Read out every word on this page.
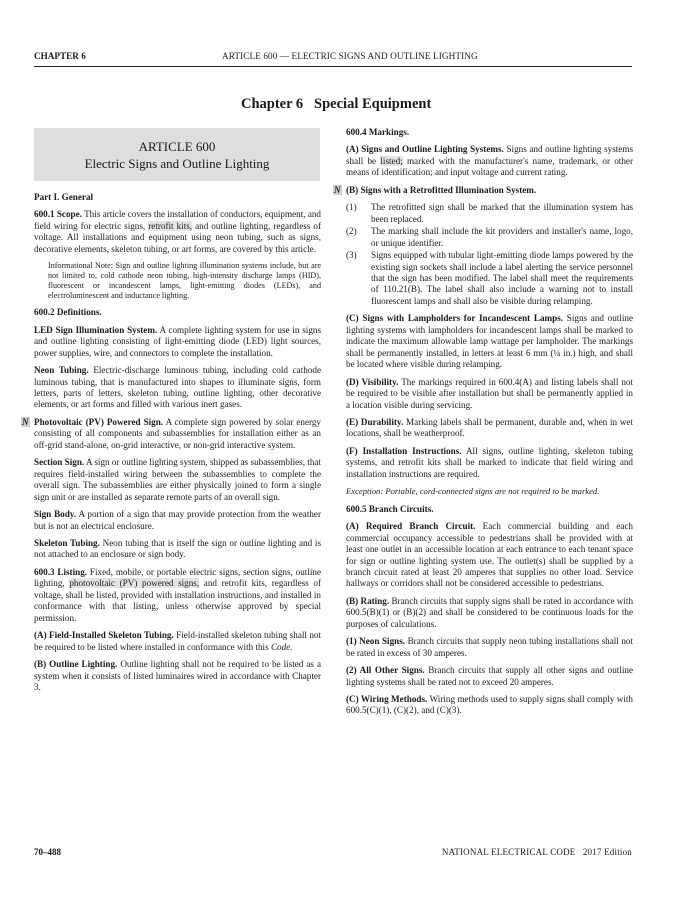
CHAPTER 6	ARTICLE 600 — ELECTRIC SIGNS AND OUTLINE LIGHTING
Chapter 6   Special Equipment
ARTICLE 600
Electric Signs and Outline Lighting

Part I. General

600.1 Scope. This article covers the installation of conductors, equipment, and field wiring for electric signs, retrofit kits, and outline lighting, regardless of voltage. All installations and equipment using neon tubing, such as signs, decorative elements, skeleton tubing, or art forms, are covered by this article.

Informational Note: Sign and outline lighting illumination systems include, but are not limited to, cold cathode neon tubing, high-intensity discharge lamps (HID), fluorescent or incandescent lamps, light-emitting diodes (LEDs), and electroluminescent and inductance lighting.

600.2 Definitions.

LED Sign Illumination System. A complete lighting system for use in signs and outline lighting consisting of light-emitting diode (LED) light sources, power supplies, wire, and connectors to complete the installation.

Neon Tubing. Electric-discharge luminous tubing, including cold cathode luminous tubing, that is manufactured into shapes to illuminate signs, form letters, parts of letters, skeleton tubing, outline lighting, other decorative elements, or art forms and filled with various inert gases.

N Photovoltaic (PV) Powered Sign. A complete sign powered by solar energy consisting of all components and subassemblies for installation either as an off-grid stand-alone, on-grid interactive, or non-grid interactive system.

Section Sign. A sign or outline lighting system, shipped as subassemblies, that requires field-installed wiring between the subassemblies to complete the overall sign. The subassemblies are either physically joined to form a single sign unit or are installed as separate remote parts of an overall sign.

Sign Body. A portion of a sign that may provide protection from the weather but is not an electrical enclosure.

Skeleton Tubing. Neon tubing that is itself the sign or outline lighting and is not attached to an enclosure or sign body.

600.3 Listing. Fixed, mobile, or portable electric signs, section signs, outline lighting, photovoltaic (PV) powered signs, and retrofit kits, regardless of voltage, shall be listed, provided with installation instructions, and installed in conformance with that listing, unless otherwise approved by special permission.

(A) Field-Installed Skeleton Tubing. Field-installed skeleton tubing shall not be required to be listed where installed in conformance with this Code.

(B) Outline Lighting. Outline lighting shall not be required to be listed as a system when it consists of listed luminaires wired in accordance with Chapter 3.

600.4 Markings.

(A) Signs and Outline Lighting Systems. Signs and outline lighting systems shall be listed; marked with the manufacturer's name, trademark, or other means of identification; and input voltage and current rating.

N (B) Signs with a Retrofitted Illumination System.

(1)	The retrofitted sign shall be marked that the illumination system has been replaced.
(2)	The marking shall include the kit providers and installer's name, logo, or unique identifier.
(3)	Signs equipped with tubular light-emitting diode lamps powered by the existing sign sockets shall include a label alerting the service personnel that the sign has been modified. The label shall meet the requirements of 110.21(B). The label shall also include a warning not to install fluorescent lamps and shall also be visible during relamping.

(C) Signs with Lampholders for Incandescent Lamps. Signs and outline lighting systems with lampholders for incandescent lamps shall be marked to indicate the maximum allowable lamp wattage per lampholder. The markings shall be permanently installed, in letters at least 6 mm (¼ in.) high, and shall be located where visible during relamping.

(D) Visibility. The markings required in 600.4(A) and listing labels shall not be required to be visible after installation but shall be permanently applied in a location visible during servicing.

(E) Durability. Marking labels shall be permanent, durable and, when in wet locations, shall be weatherproof.

(F) Installation Instructions. All signs, outline lighting, skeleton tubing systems, and retrofit kits shall be marked to indicate that field wiring and installation instructions are required.

Exception: Portable, cord-connected signs are not required to be marked.

600.5 Branch Circuits.

(A) Required Branch Circuit. Each commercial building and each commercial occupancy accessible to pedestrians shall be provided with at least one outlet in an accessible location at each entrance to each tenant space for sign or outline lighting system use. The outlet(s) shall be supplied by a branch circuit rated at least 20 amperes that supplies no other load. Service hallways or corridors shall not be considered accessible to pedestrians.

(B) Rating. Branch circuits that supply signs shall be rated in accordance with 600.5(B)(1) or (B)(2) and shall be considered to be continuous loads for the purposes of calculations.

(1) Neon Signs. Branch circuits that supply neon tubing installations shall not be rated in excess of 30 amperes.

(2) All Other Signs. Branch circuits that supply all other signs and outline lighting systems shall be rated not to exceed 20 amperes.

(C) Wiring Methods. Wiring methods used to supply signs shall comply with 600.5(C)(1), (C)(2), and (C)(3).

70–488	NATIONAL ELECTRICAL CODE   2017 Edition
